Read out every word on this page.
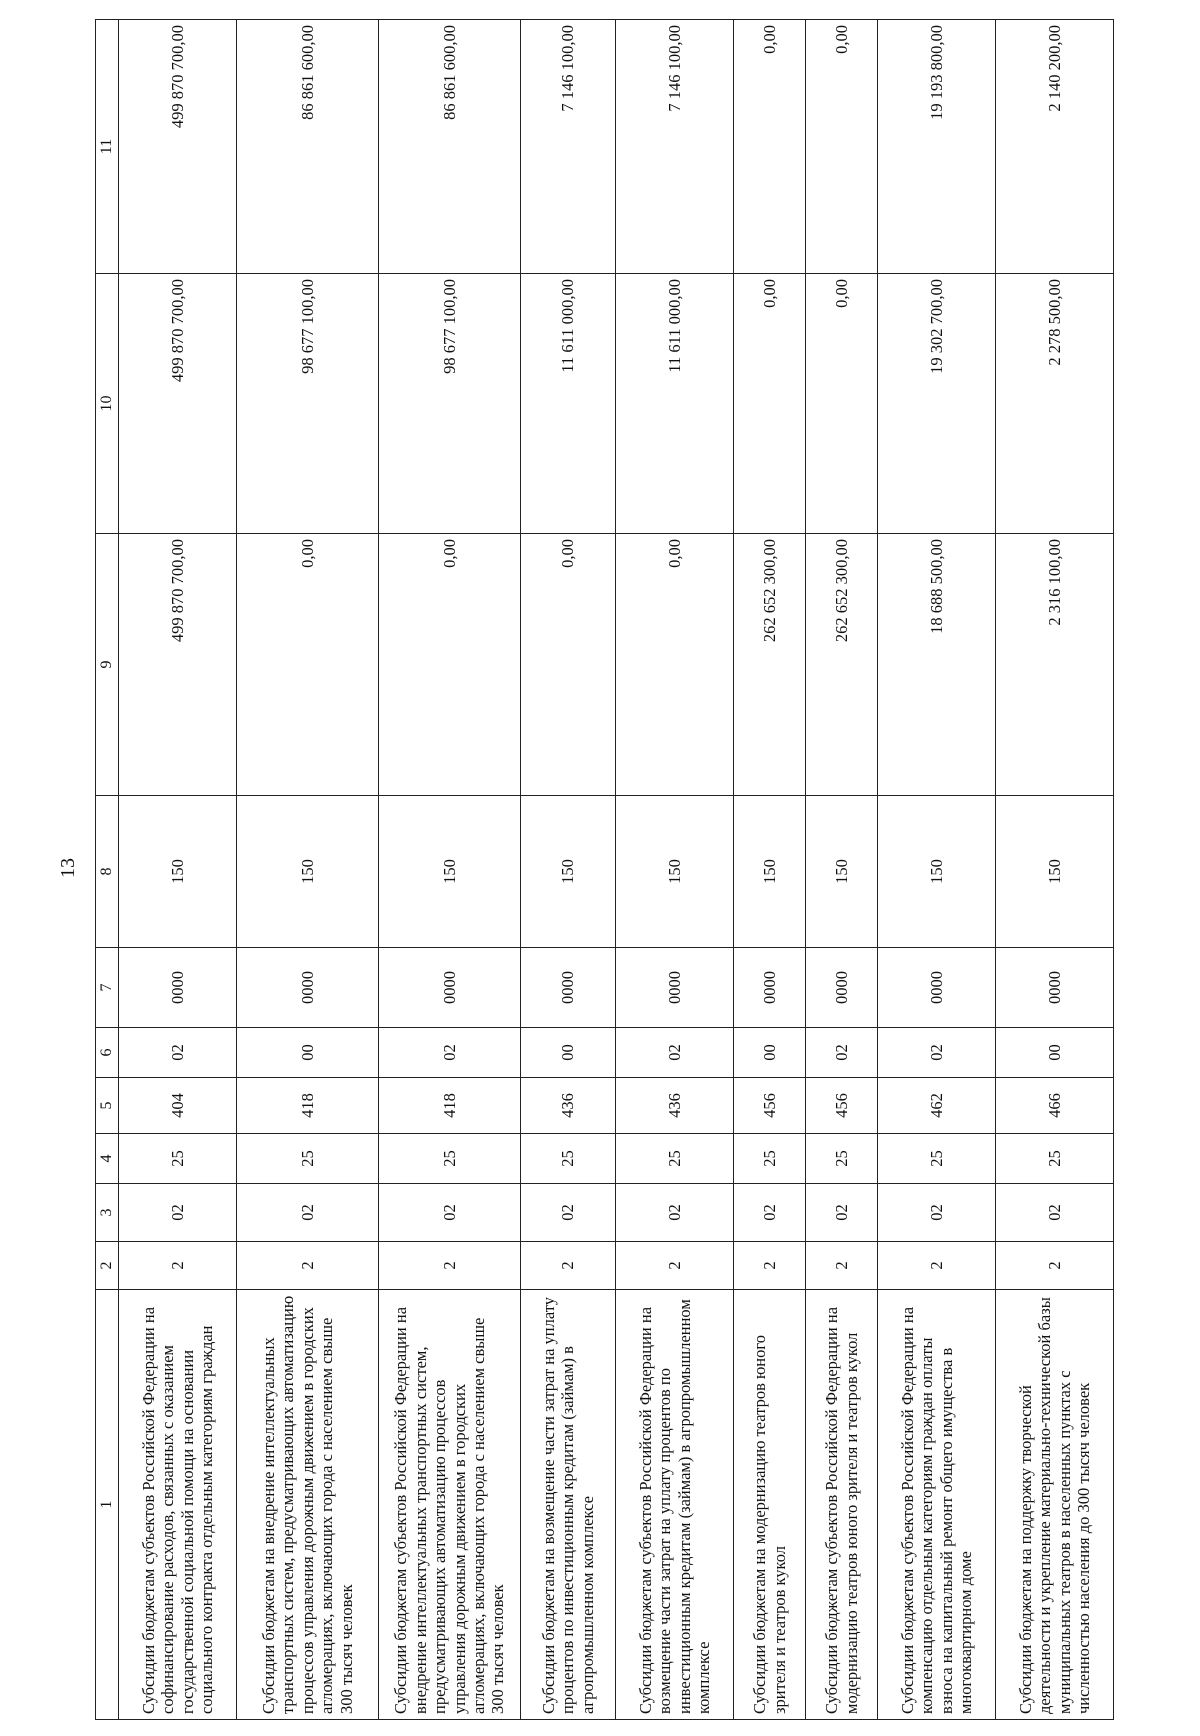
13
1	2	3	4	5	6	7	8	9	10	11
Субсидии бюджетам субъектов Российской Федерации на софинансирование расходов, связанных с оказанием государственной социальной помощи на основании социального контракта отдельным категориям граждан	2	02	25	404	02	0000	150	499 870 700,00	499 870 700,00	499 870 700,00
Субсидии бюджетам на внедрение интеллектуальных транспортных систем, предусматривающих автоматизацию процессов управления дорожным движением в городских агломерациях, включающих города с населением свыше 300 тысяч человек	2	02	25	418	00	0000	150	0,00	98 677 100,00	86 861 600,00
Субсидии бюджетам субъектов Российской Федерации на внедрение интеллектуальных транспортных систем, предусматривающих автоматизацию процессов управления дорожным движением в городских агломерациях, включающих города с населением свыше 300 тысяч человек	2	02	25	418	02	0000	150	0,00	98 677 100,00	86 861 600,00
Субсидии бюджетам на возмещение части затрат на уплату процентов по инвестиционным кредитам (займам) в агропромышленном комплексе	2	02	25	436	00	0000	150	0,00	11 611 000,00	7 146 100,00
Субсидии бюджетам субъектов Российской Федерации на возмещение части затрат на уплату процентов по инвестиционным кредитам (займам) в агропромышленном комплексе	2	02	25	436	02	0000	150	0,00	11 611 000,00	7 146 100,00
Субсидии бюджетам на модернизацию театров юного зрителя и театров кукол	2	02	25	456	00	0000	150	262 652 300,00	0,00	0,00
Субсидии бюджетам субъектов Российской Федерации на модернизацию театров юного зрителя и театров кукол	2	02	25	456	02	0000	150	262 652 300,00	0,00	0,00
Субсидии бюджетам субъектов Российской Федерации на компенсацию отдельным категориям граждан оплаты взноса на капитальный ремонт общего имущества в многоквартирном доме	2	02	25	462	02	0000	150	18 688 500,00	19 302 700,00	19 193 800,00
Субсидии бюджетам на поддержку творческой деятельности и укрепление материально-технической базы муниципальных театров в населенных пунктах с численностью населения до 300 тысяч человек	2	02	25	466	00	0000	150	2 316 100,00	2 278 500,00	2 140 200,00
